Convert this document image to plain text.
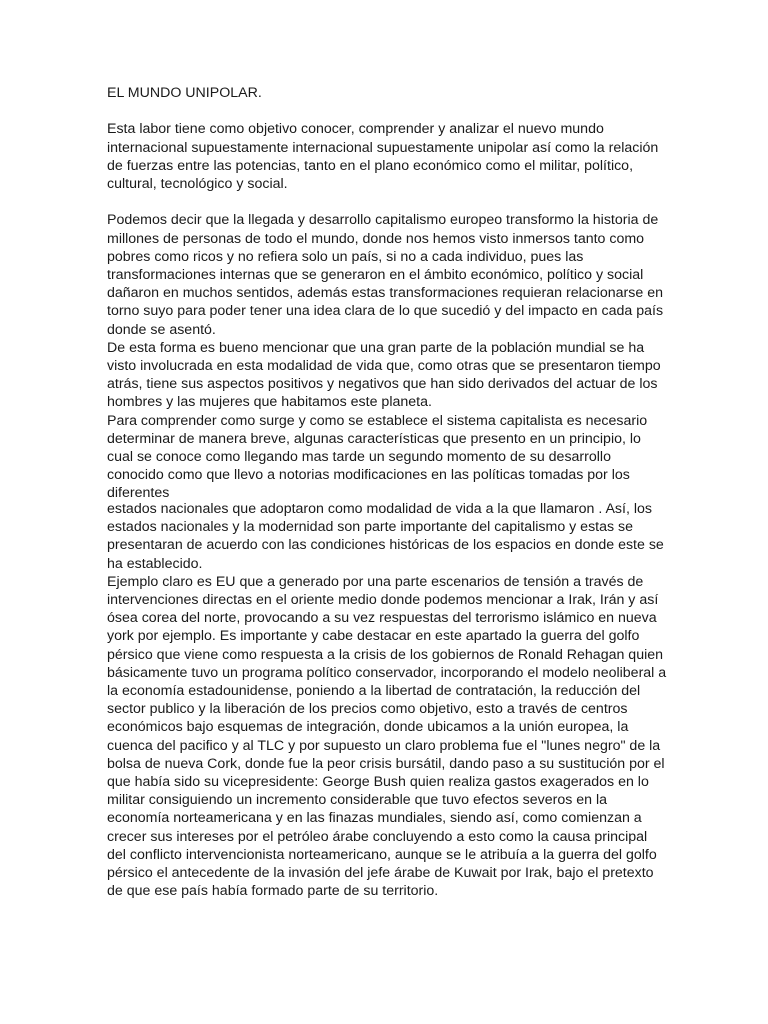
EL MUNDO UNIPOLAR.

Esta labor tiene como objetivo conocer, comprender y analizar el nuevo mundo internacional supuestamente internacional supuestamente unipolar así como la relación de fuerzas entre las potencias, tanto en el plano económico como el militar, político, cultural, tecnológico y social.

Podemos decir que la llegada y desarrollo capitalismo europeo transformo la historia de millones de personas de todo el mundo, donde nos hemos visto inmersos tanto como pobres como ricos y no refiera solo un país, si no a cada individuo, pues las transformaciones internas que se generaron en el ámbito económico, político y social dañaron en muchos sentidos, además estas transformaciones requieran relacionarse en torno suyo para poder tener una idea clara de lo que sucedió y del impacto en cada país donde se asentó.

De esta forma es bueno mencionar que una gran parte de la población mundial se ha visto involucrada en esta modalidad de vida que, como otras que se presentaron tiempo atrás, tiene sus aspectos positivos y negativos que han sido derivados del actuar de los hombres y las mujeres que habitamos este planeta.

Para comprender como surge y como se establece el sistema capitalista es necesario determinar de manera breve, algunas características que presento en un principio, lo cual se conoce como llegando mas tarde un segundo momento de su desarrollo conocido como que llevo a notorias modificaciones en las políticas tomadas por los diferentes

estados nacionales que adoptaron como modalidad de vida a la que llamaron . Así, los estados nacionales y la modernidad son parte importante del capitalismo y estas se presentaran de acuerdo con las condiciones históricas de los espacios en donde este se ha establecido.

Ejemplo claro es EU que a generado por una parte escenarios de tensión a través de intervenciones directas en el oriente medio donde podemos mencionar a Irak, Irán y así ósea corea del norte, provocando a su vez respuestas del terrorismo islámico en nueva york por ejemplo. Es importante y cabe destacar en este apartado la guerra del golfo pérsico que viene como respuesta a la crisis de los gobiernos de Ronald Rehagan quien básicamente tuvo un programa político conservador, incorporando el modelo neoliberal a la economía estadounidense, poniendo a la libertad de contratación, la reducción del sector publico y la liberación de los precios como objetivo, esto a través de centros económicos bajo esquemas de integración, donde ubicamos a la unión europea, la cuenca del pacifico y al TLC y por supuesto un claro problema fue el "lunes negro" de la bolsa de nueva Cork, donde fue la peor crisis bursátil, dando paso a su sustitución por el que había sido su vicepresidente: George Bush quien realiza gastos exagerados en lo militar consiguiendo un incremento considerable que tuvo efectos severos en la economía norteamericana y en las finazas mundiales, siendo así, como comienzan a crecer sus intereses por el petróleo árabe concluyendo a esto como la causa principal del conflicto intervencionista norteamericano, aunque se le atribuía a la guerra del golfo pérsico el antecedente de la invasión del jefe árabe de Kuwait por Irak, bajo el pretexto de que ese país había formado parte de su territorio.
